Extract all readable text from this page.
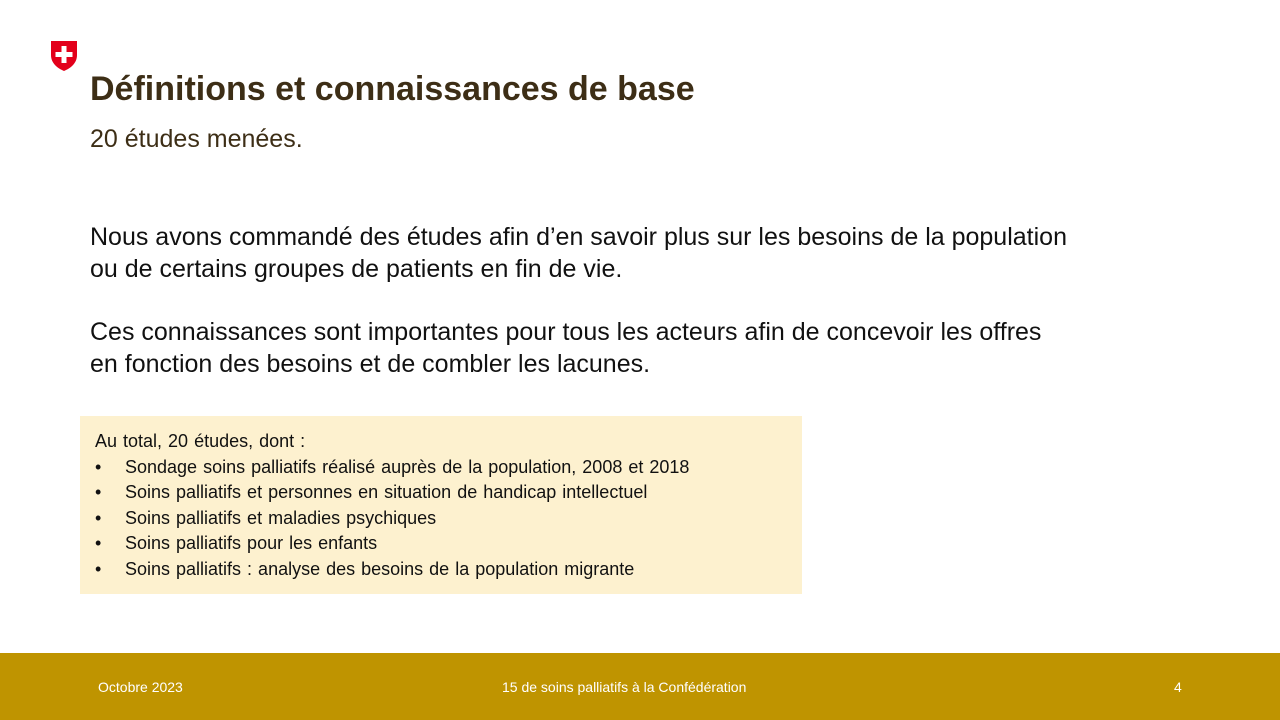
Définitions et connaissances de base

20 études menées.

Nous avons commandé des études afin d’en savoir plus sur les besoins de la population
ou de certains groupes de patients en fin de vie.

Ces connaissances sont importantes pour tous les acteurs afin de concevoir les offres
en fonction des besoins et de combler les lacunes.

Au total, 20 études, dont :
•	Sondage soins palliatifs réalisé auprès de la population, 2008 et 2018
•	Soins palliatifs et personnes en situation de handicap intellectuel
•	Soins palliatifs et maladies psychiques
•	Soins palliatifs pour les enfants
•	Soins palliatifs : analyse des besoins de la population migrante
Octobre 2023	15 de soins palliatifs à la Confédération	4
